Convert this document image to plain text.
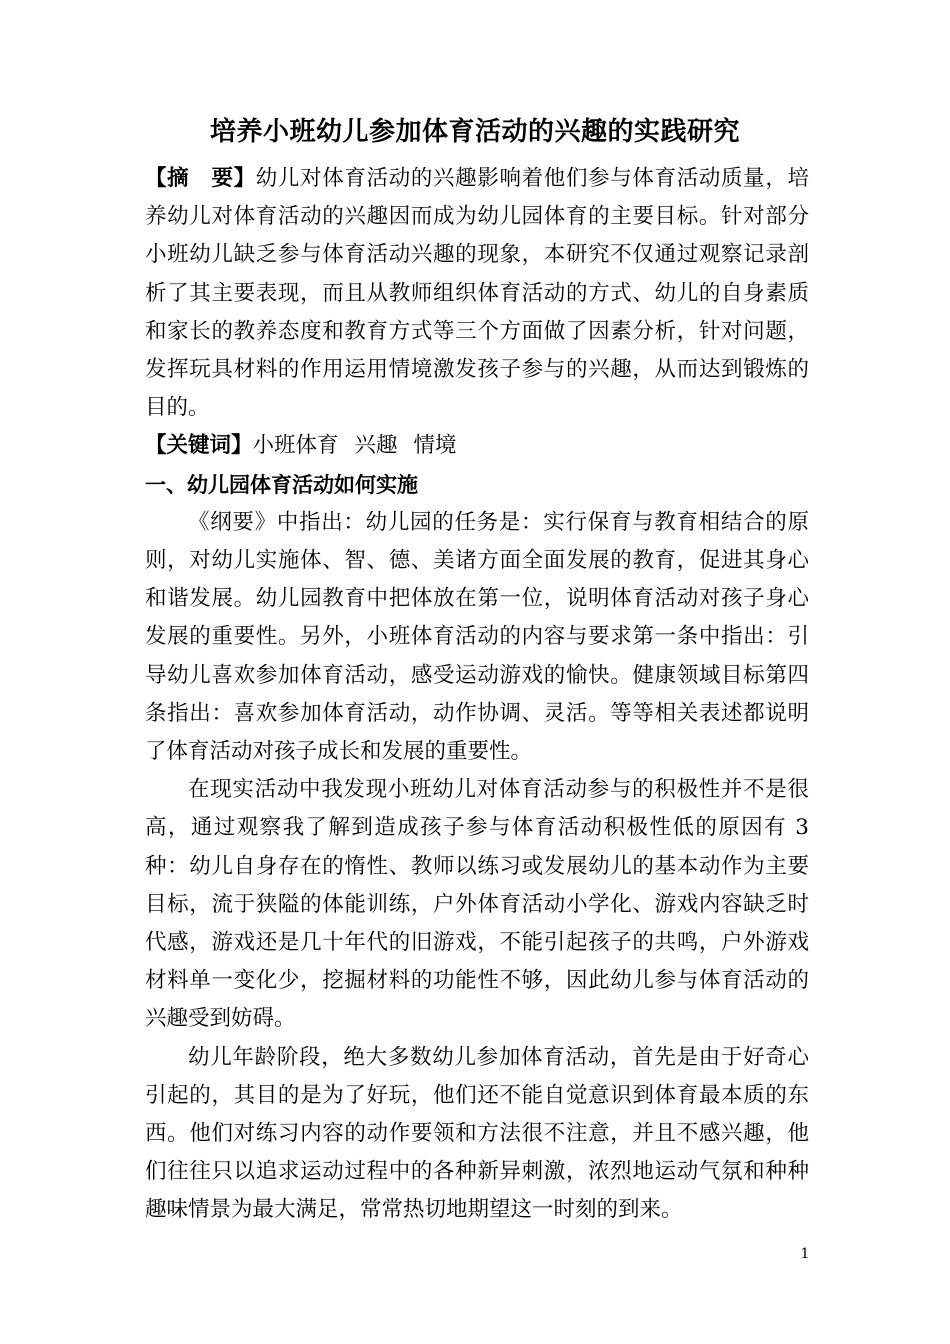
培养小班幼儿参加体育活动的兴趣的实践研究

【摘　要】幼儿对体育活动的兴趣影响着他们参与体育活动质量，培养幼儿对体育活动的兴趣因而成为幼儿园体育的主要目标。针对部分小班幼儿缺乏参与体育活动兴趣的现象，本研究不仅通过观察记录剖析了其主要表现，而且从教师组织体育活动的方式、幼儿的自身素质和家长的教养态度和教育方式等三个方面做了因素分析，针对问题，发挥玩具材料的作用运用情境激发孩子参与的兴趣，从而达到锻炼的目的。

【关键词】小班体育 兴趣 情境

一、幼儿园体育活动如何实施

《纲要》中指出：幼儿园的任务是：实行保育与教育相结合的原则，对幼儿实施体、智、德、美诸方面全面发展的教育，促进其身心和谐发展。幼儿园教育中把体放在第一位，说明体育活动对孩子身心发展的重要性。另外，小班体育活动的内容与要求第一条中指出：引导幼儿喜欢参加体育活动，感受运动游戏的愉快。健康领域目标第四条指出：喜欢参加体育活动，动作协调、灵活。等等相关表述都说明了体育活动对孩子成长和发展的重要性。

在现实活动中我发现小班幼儿对体育活动参与的积极性并不是很高，通过观察我了解到造成孩子参与体育活动积极性低的原因有 3 种：幼儿自身存在的惰性、教师以练习或发展幼儿的基本动作为主要目标，流于狭隘的体能训练，户外体育活动小学化、游戏内容缺乏时代感，游戏还是几十年代的旧游戏，不能引起孩子的共鸣，户外游戏材料单一变化少，挖掘材料的功能性不够，因此幼儿参与体育活动的兴趣受到妨碍。

幼儿年龄阶段，绝大多数幼儿参加体育活动，首先是由于好奇心引起的，其目的是为了好玩，他们还不能自觉意识到体育最本质的东西。他们对练习内容的动作要领和方法很不注意，并且不感兴趣，他们往往只以追求运动过程中的各种新异刺激，浓烈地运动气氛和种种趣味情景为最大满足，常常热切地期望这一时刻的到来。

1
